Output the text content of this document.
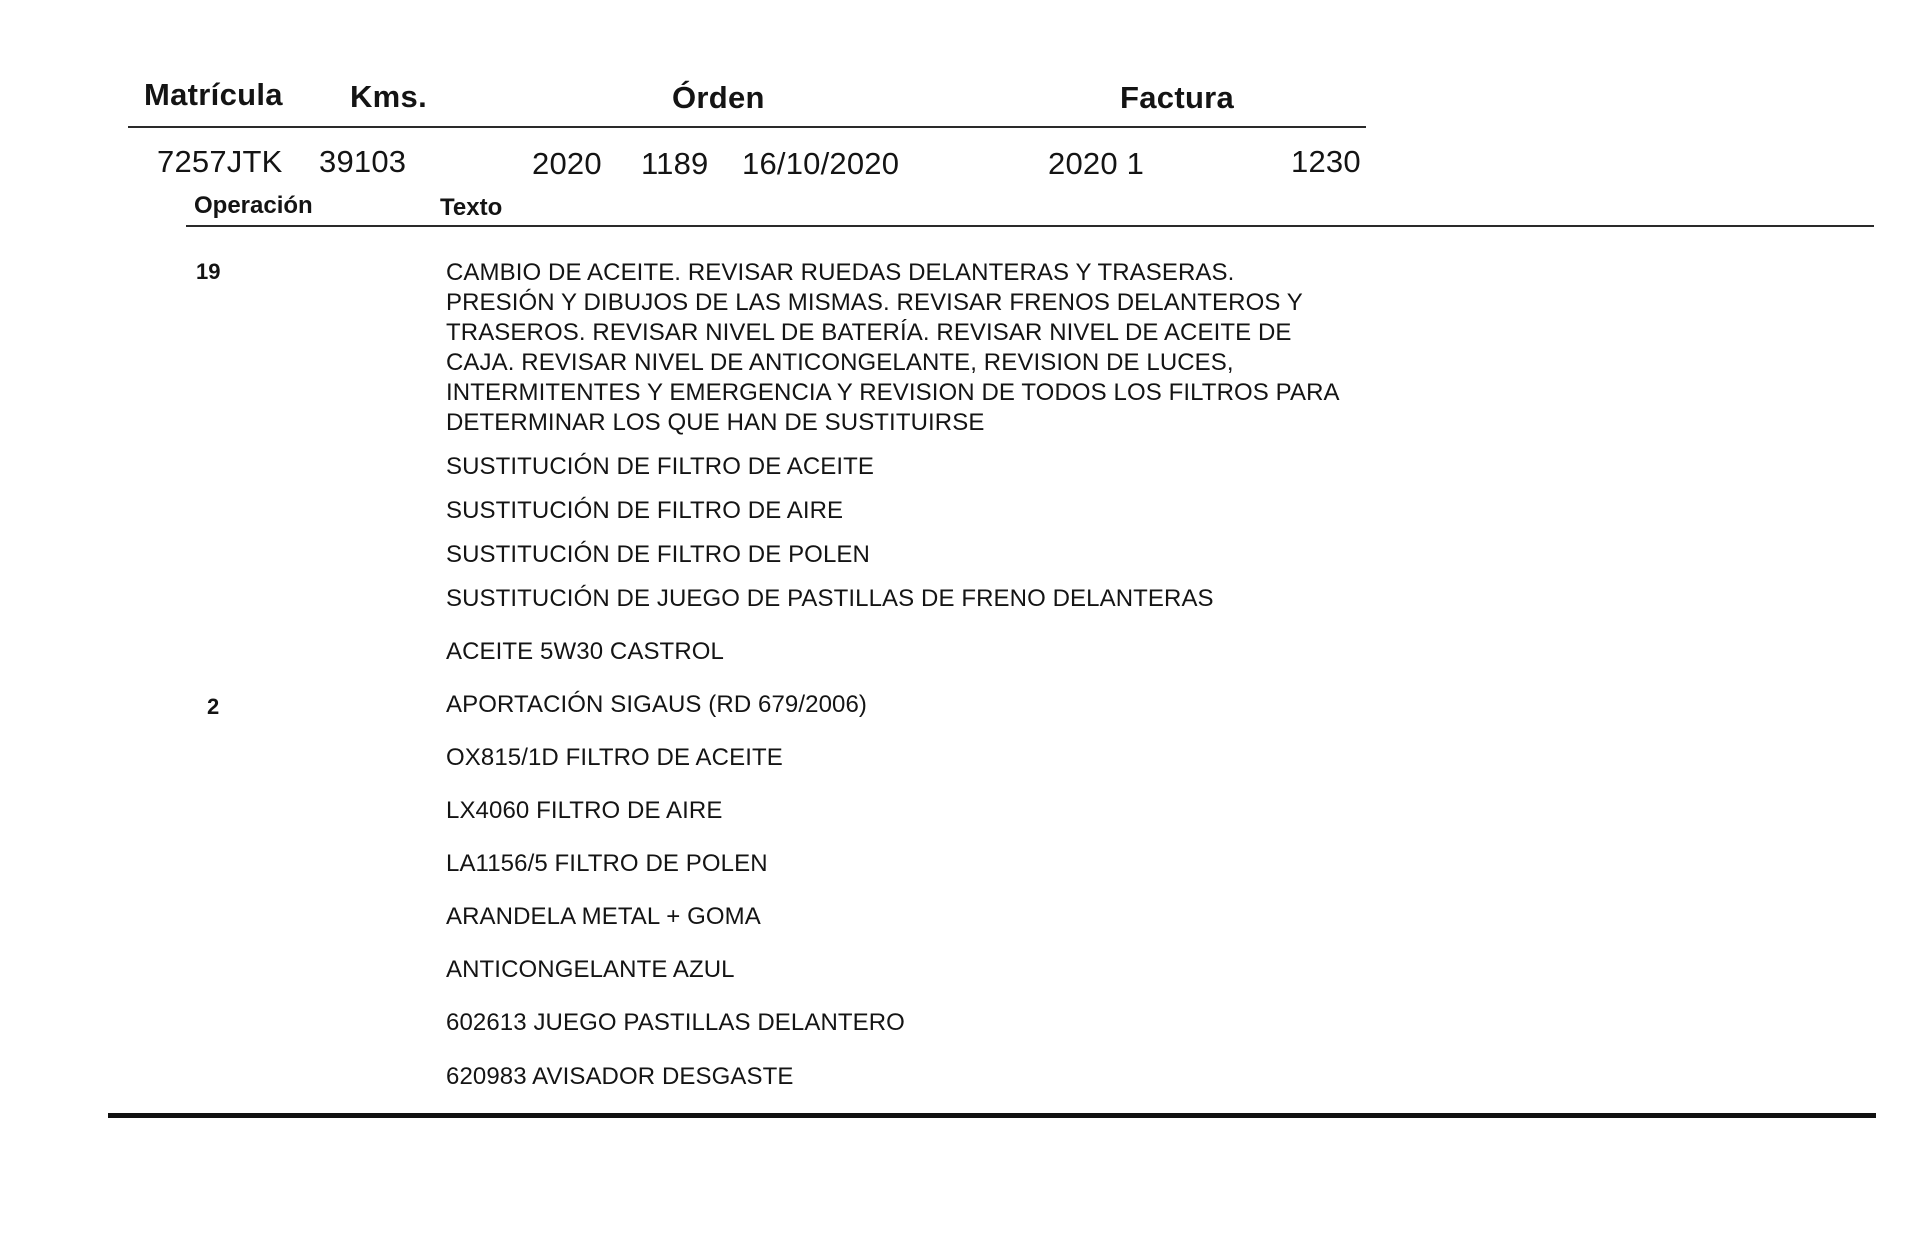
Matrícula Kms.	Órden	Factura
7257JTK 39103	2020 1189 16/10/2020	2020 1	1230
Operación	Texto
19	CAMBIO DE ACEITE. REVISAR RUEDAS DELANTERAS Y TRASERAS.
PRESIÓN Y DIBUJOS DE LAS MISMAS. REVISAR FRENOS DELANTEROS Y
TRASEROS. REVISAR NIVEL DE BATERÍA. REVISAR NIVEL DE ACEITE DE
CAJA. REVISAR NIVEL DE ANTICONGELANTE, REVISION DE LUCES,
INTERMITENTES Y EMERGENCIA Y REVISION DE TODOS LOS FILTROS PARA
DETERMINAR LOS QUE HAN DE SUSTITUIRSE
SUSTITUCIÓN DE FILTRO DE ACEITE
SUSTITUCIÓN DE FILTRO DE AIRE
SUSTITUCIÓN DE FILTRO DE POLEN
SUSTITUCIÓN DE JUEGO DE PASTILLAS DE FRENO DELANTERAS
ACEITE 5W30 CASTROL
2	APORTACIÓN SIGAUS (RD 679/2006)
OX815/1D FILTRO DE ACEITE
LX4060 FILTRO DE AIRE
LA1156/5 FILTRO DE POLEN
ARANDELA METAL + GOMA
ANTICONGELANTE AZUL
602613 JUEGO PASTILLAS DELANTERO
620983 AVISADOR DESGASTE
